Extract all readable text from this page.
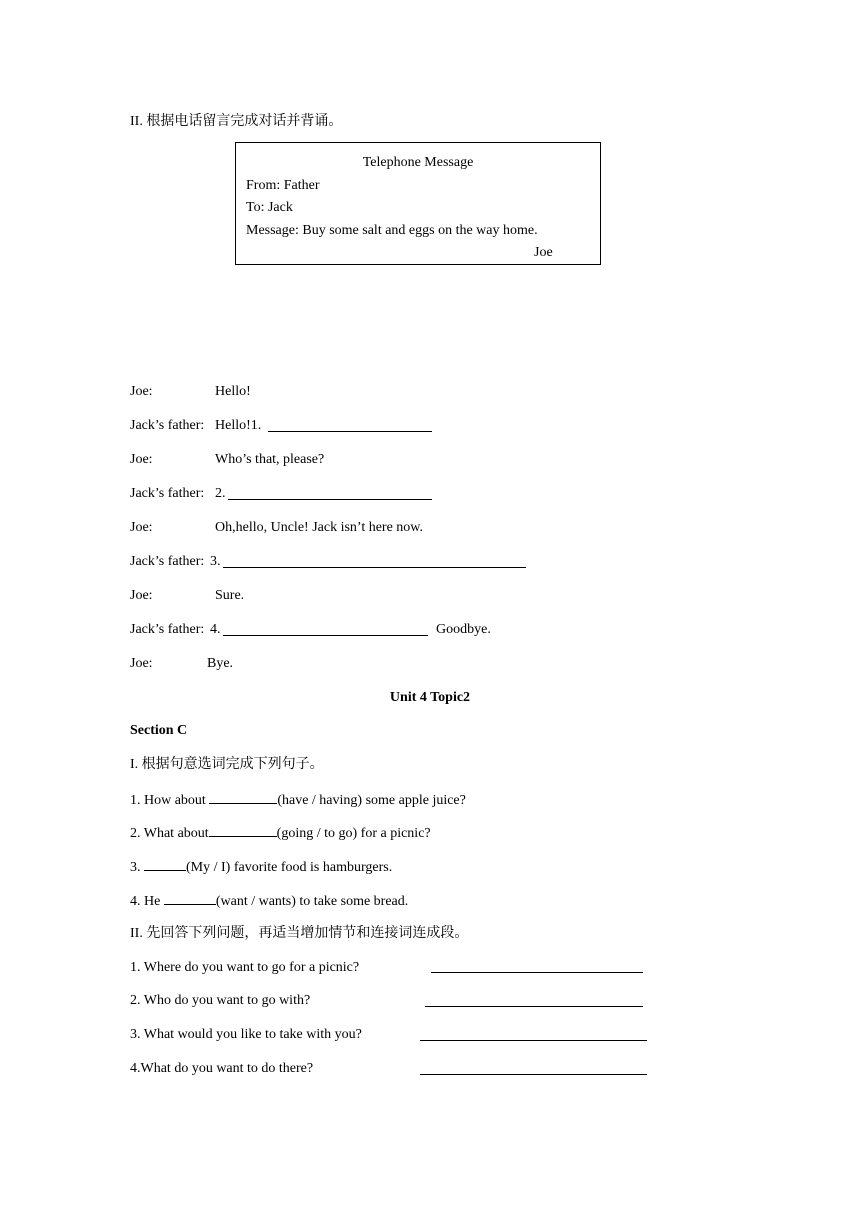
II. 根据电话留言完成对话并背诵。
Telephone Message
From: Father
To: Jack
Message: Buy some salt and eggs on the way home.
Joe
Joe:	Hello!
Jack’s father: Hello!1.
Joe:	Who’s that, please?
Jack’s father: 2.
Joe:	Oh,hello, Uncle! Jack isn’t here now.
Jack’s father: 3.
Joe:	Sure.
Jack’s father: 4.	Goodbye.
Joe:	Bye.
Unit 4 Topic2
Section C
I. 根据句意选词完成下列句子。
1. How about	(have / having) some apple juice?
2. What about	(going / to go) for a picnic?
3.	(My / I) favorite food is hamburgers.
4. He	(want / wants) to take some bread.
II. 先回答下列问题，再适当增加情节和连接词连成段。
1. Where do you want to go for a picnic?
2. Who do you want to go with?
3. What would you like to take with you?
4.What do you want to do there?
